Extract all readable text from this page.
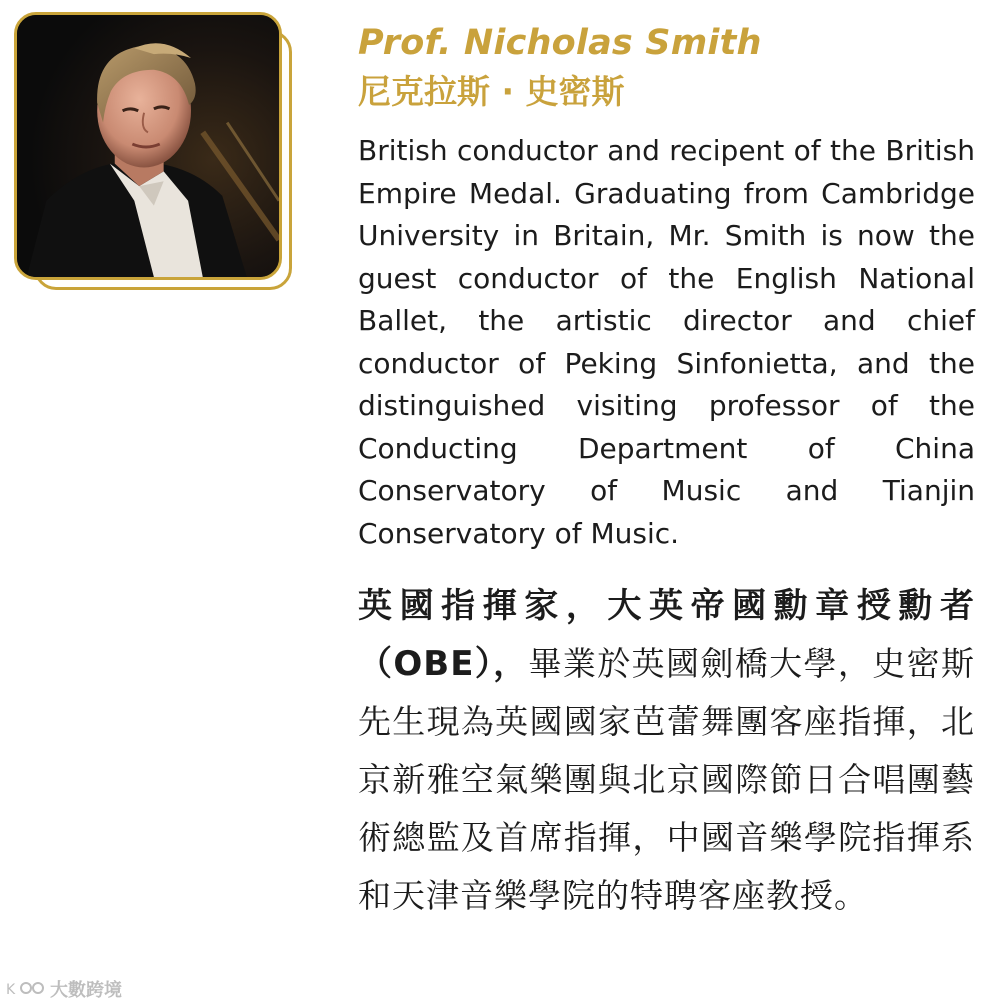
Prof. Nicholas Smith
尼克拉斯 · 史密斯

British conductor and recipent of the British Empire Medal. Graduating from Cambridge University in Britain, Mr. Smith is now the guest conductor of the English National Ballet, the artistic director and chief conductor of Peking Sinfonietta, and the distinguished visiting professor of the Conducting Department of China Conservatory of Music and Tianjin Conservatory of Music.

英國指揮家，大英帝國勳章授勳者（OBE），畢業於英國劍橋大學，史密斯先生現為英國國家芭蕾舞團客座指揮，北京新雅空氣樂團與北京國際節日合唱團藝術總監及首席指揮，中國音樂學院指揮系和天津音樂學院的特聘客座教授。

K 大數跨境
